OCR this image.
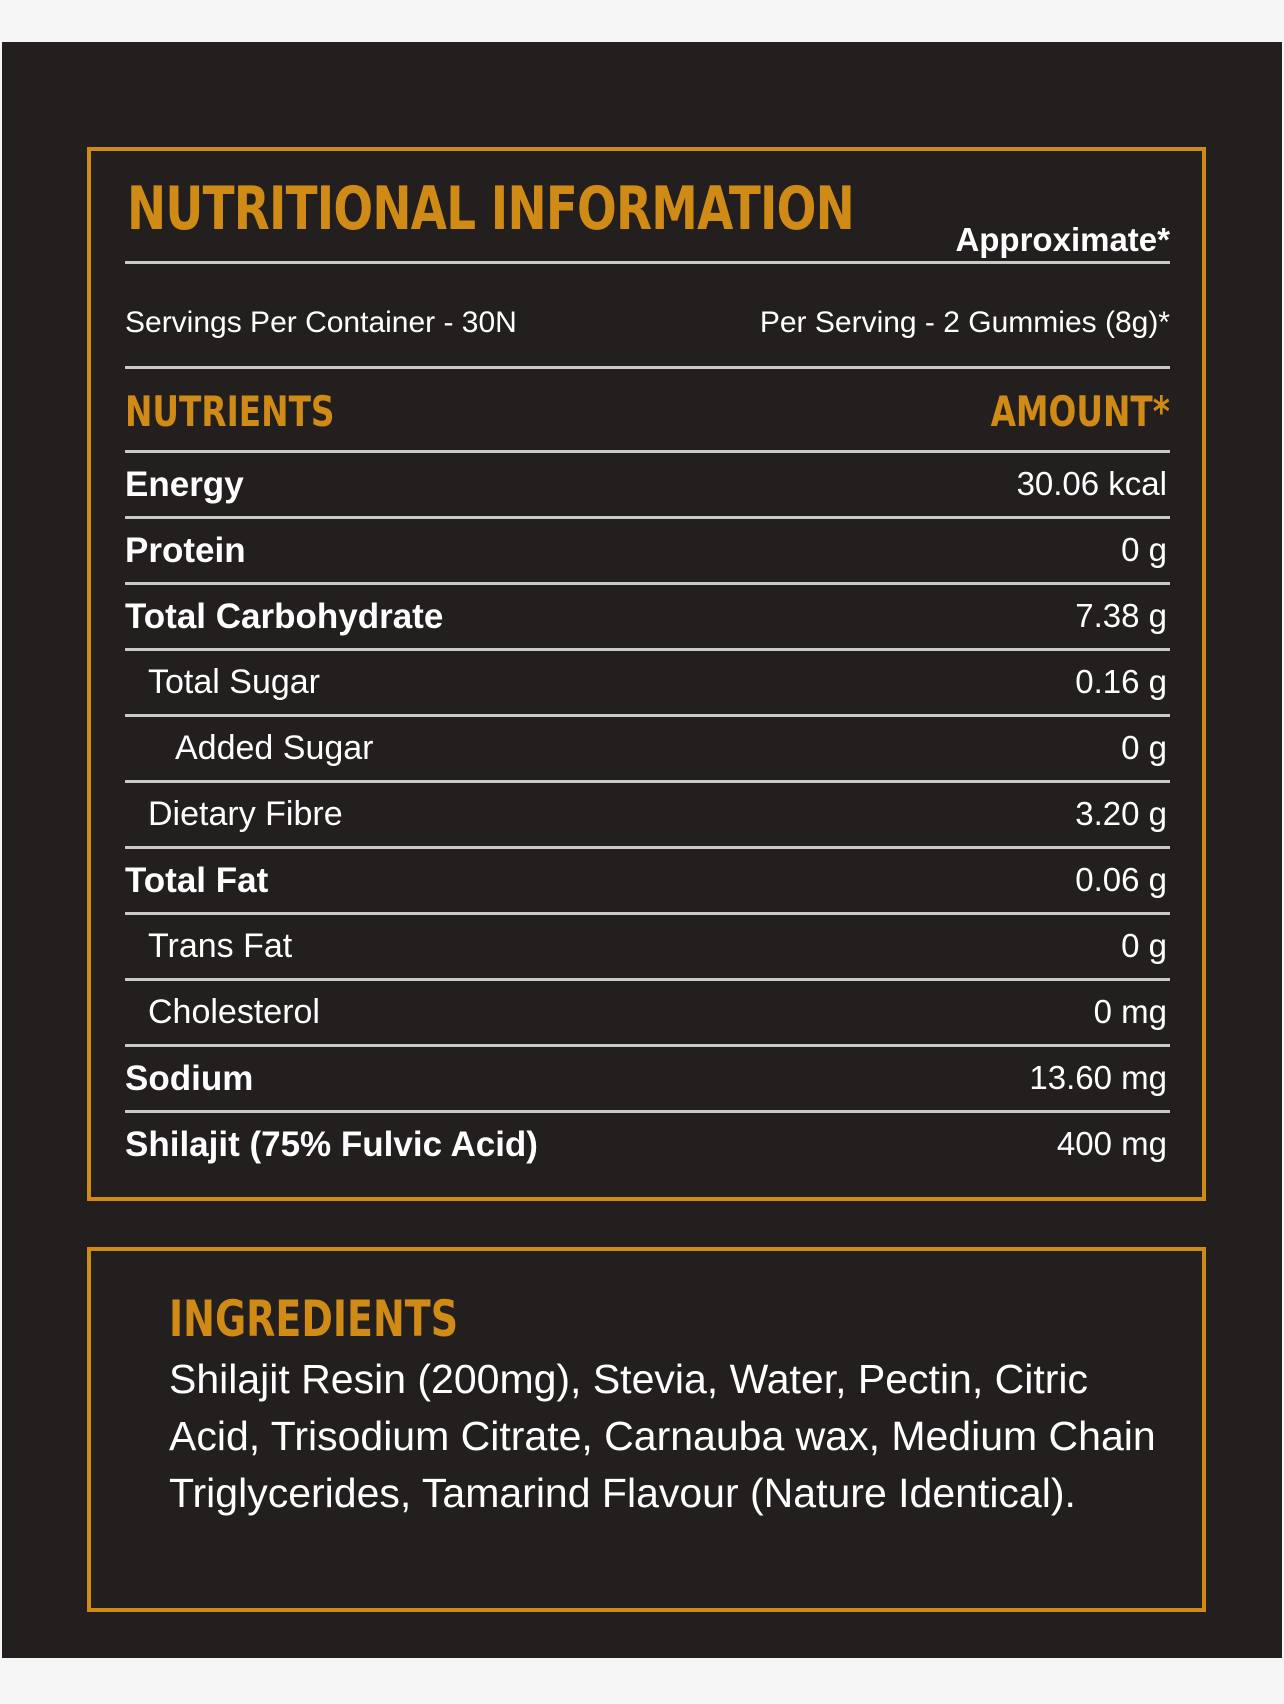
NUTRITIONAL INFORMATION	Approximate*
Servings Per Container - 30N	Per Serving - 2 Gummies (8g)*
NUTRIENTS	AMOUNT*
Energy	30.06 kcal
Protein	0 g
Total Carbohydrate	7.38 g
Total Sugar	0.16 g
Added Sugar	0 g
Dietary Fibre	3.20 g
Total Fat	0.06 g
Trans Fat	0 g
Cholesterol	0 mg
Sodium	13.60 mg
Shilajit (75% Fulvic Acid)	400 mg
INGREDIENTS
Shilajit Resin (200mg), Stevia, Water, Pectin, Citric Acid, Trisodium Citrate, Carnauba wax, Medium Chain Triglycerides, Tamarind Flavour (Nature Identical).
